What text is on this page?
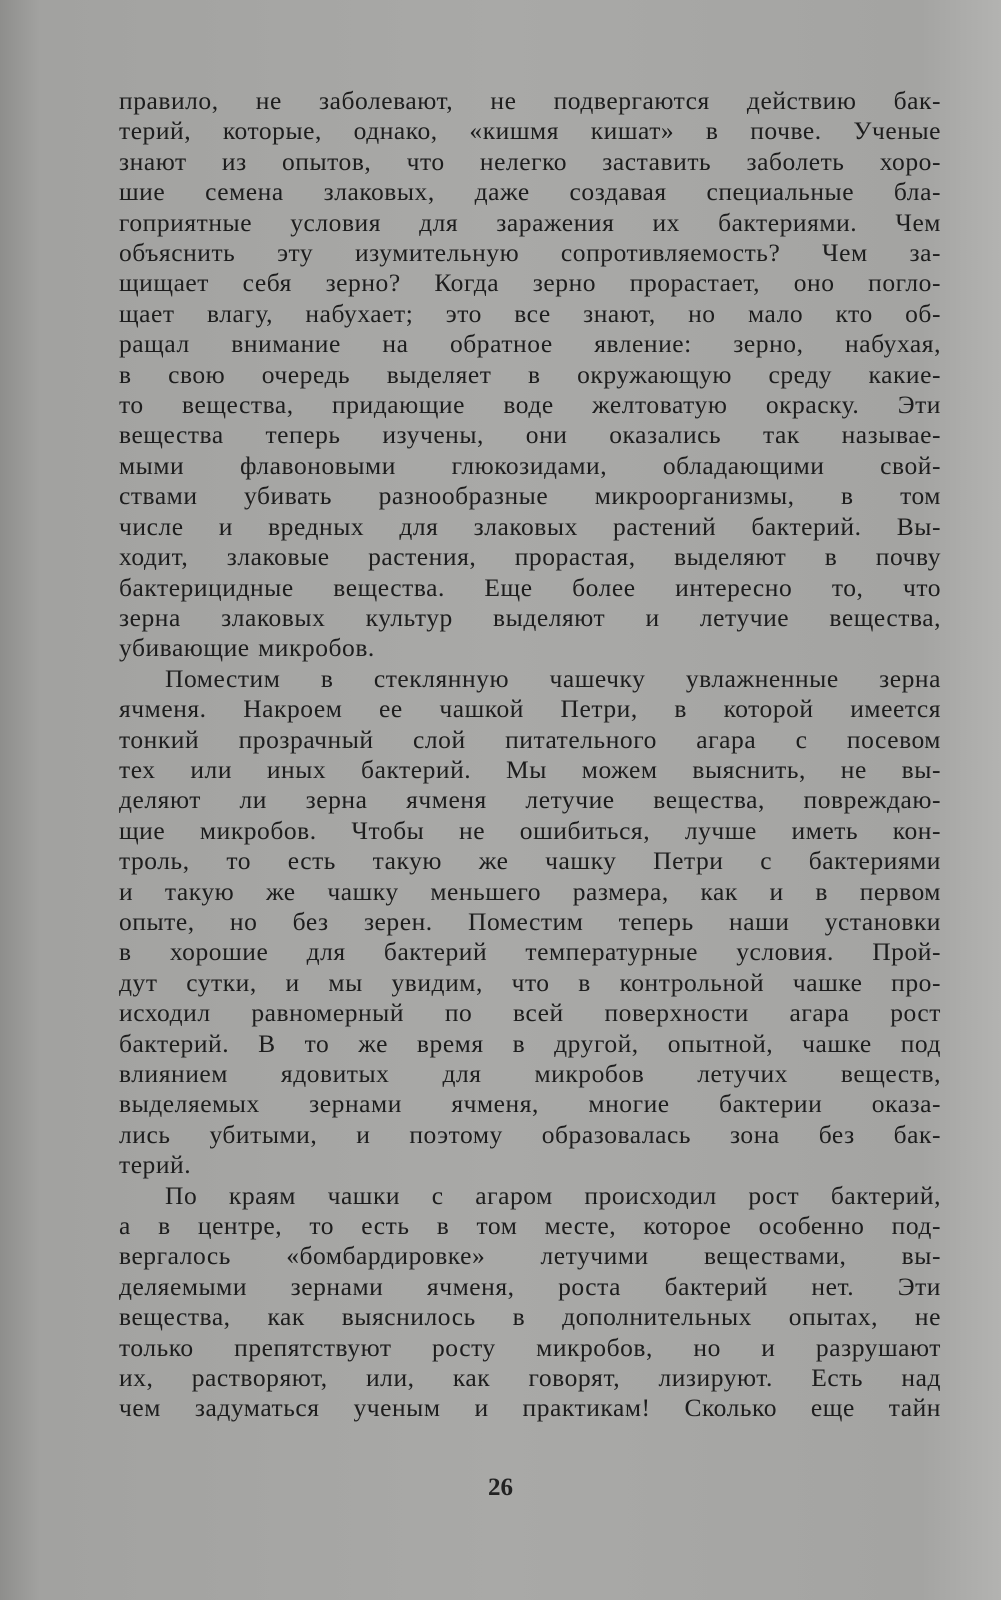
правило, не заболевают, не подвергаются действию бак-
терий, которые, однако, «кишмя кишат» в почве. Ученые
знают из опытов, что нелегко заставить заболеть хоро-
шие семена злаковых, даже создавая специальные бла-
гоприятные условия для заражения их бактериями. Чем
объяснить эту изумительную сопротивляемость? Чем за-
щищает себя зерно? Когда зерно прорастает, оно погло-
щает влагу, набухает; это все знают, но мало кто об-
ращал внимание на обратное явление: зерно, набухая,
в свою очередь выделяет в окружающую среду какие-
то вещества, придающие воде желтоватую окраску. Эти
вещества теперь изучены, они оказались так называе-
мыми флавоновыми глюкозидами, обладающими свой-
ствами убивать разнообразные микроорганизмы, в том
числе и вредных для злаковых растений бактерий. Вы-
ходит, злаковые растения, прорастая, выделяют в почву
бактерицидные вещества. Еще более интересно то, что
зерна злаковых культур выделяют и летучие вещества,
убивающие микробов.

Поместим в стеклянную чашечку увлажненные зерна
ячменя. Накроем ее чашкой Петри, в которой имеется
тонкий прозрачный слой питательного агара с посевом
тех или иных бактерий. Мы можем выяснить, не вы-
деляют ли зерна ячменя летучие вещества, повреждаю-
щие микробов. Чтобы не ошибиться, лучше иметь кон-
троль, то есть такую же чашку Петри с бактериями
и такую же чашку меньшего размера, как и в первом
опыте, но без зерен. Поместим теперь наши установки
в хорошие для бактерий температурные условия. Прой-
дут сутки, и мы увидим, что в контрольной чашке про-
исходил равномерный по всей поверхности агара рост
бактерий. В то же время в другой, опытной, чашке под
влиянием ядовитых для микробов летучих веществ,
выделяемых зернами ячменя, многие бактерии оказа-
лись убитыми, и поэтому образовалась зона без бак-
терий.

По краям чашки с агаром происходил рост бактерий,
а в центре, то есть в том месте, которое особенно под-
вергалось «бомбардировке» летучими веществами, вы-
деляемыми зернами ячменя, роста бактерий нет. Эти
вещества, как выяснилось в дополнительных опытах, не
только препятствуют росту микробов, но и разрушают
их, растворяют, или, как говорят, лизируют. Есть над
чем задуматься ученым и практикам! Сколько еще тайн

26
